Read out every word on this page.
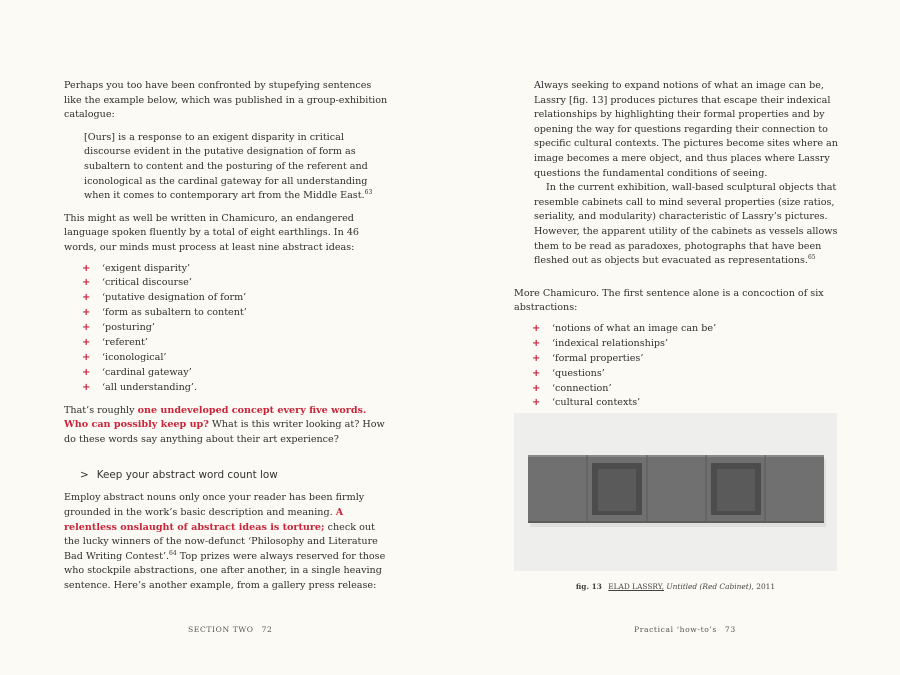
Perhaps you too have been confronted by stupefying sentences like the example below, which was published in a group-exhibition catalogue:

[Ours] is a response to an exigent disparity in critical discourse evident in the putative designation of form as subaltern to content and the posturing of the referent and iconological as the cardinal gateway for all understanding when it comes to contemporary art from the Middle East.$^{63}$

This might as well be written in Chamicuro, an endangered language spoken fluently by a total of eight earthlings. In 46 words, our minds must process at least nine abstract ideas:

+ ‘exigent disparity’
+ ‘critical discourse’
+ ‘putative designation of form’
+ ‘form as subaltern to content’
+ ‘posturing’
+ ‘referent’
+ ‘iconological’
+ ‘cardinal gateway’
+ ‘all understanding’.

That’s roughly one undeveloped concept every five words. Who can possibly keep up? What is this writer looking at? How do these words say anything about their art experience?

> Keep your abstract word count low

Employ abstract nouns only once your reader has been firmly grounded in the work’s basic description and meaning. A relentless onslaught of abstract ideas is torture; check out the lucky winners of the now-defunct ‘Philosophy and Literature Bad Writing Contest’.$^{64}$ Top prizes were always reserved for those who stockpile abstractions, one after another, in a single heaving sentence. Here’s another example, from a gallery press release:

SECTION TWO 72

Always seeking to expand notions of what an image can be, Lassry [fig. 13] produces pictures that escape their indexical relationships by highlighting their formal properties and by opening the way for questions regarding their connection to specific cultural contexts. The pictures become sites where an image becomes a mere object, and thus places where Lassry questions the fundamental conditions of seeing.

In the current exhibition, wall-based sculptural objects that resemble cabinets call to mind several properties (size ratios, seriality, and modularity) characteristic of Lassry’s pictures. However, the apparent utility of the cabinets as vessels allows them to be read as paradoxes, photographs that have been fleshed out as objects but evacuated as representations.$^{65}$

More Chamicuro. The first sentence alone is a concoction of six abstractions:

+ ‘notions of what an image can be’
+ ‘indexical relationships’
+ ‘formal properties’
+ ‘questions’
+ ‘connection’
+ ‘cultural contexts’
Practical ‘how-to’s 73
fig. 13 ELAD LASSRY, Untitled (Red Cabinet), 2011
